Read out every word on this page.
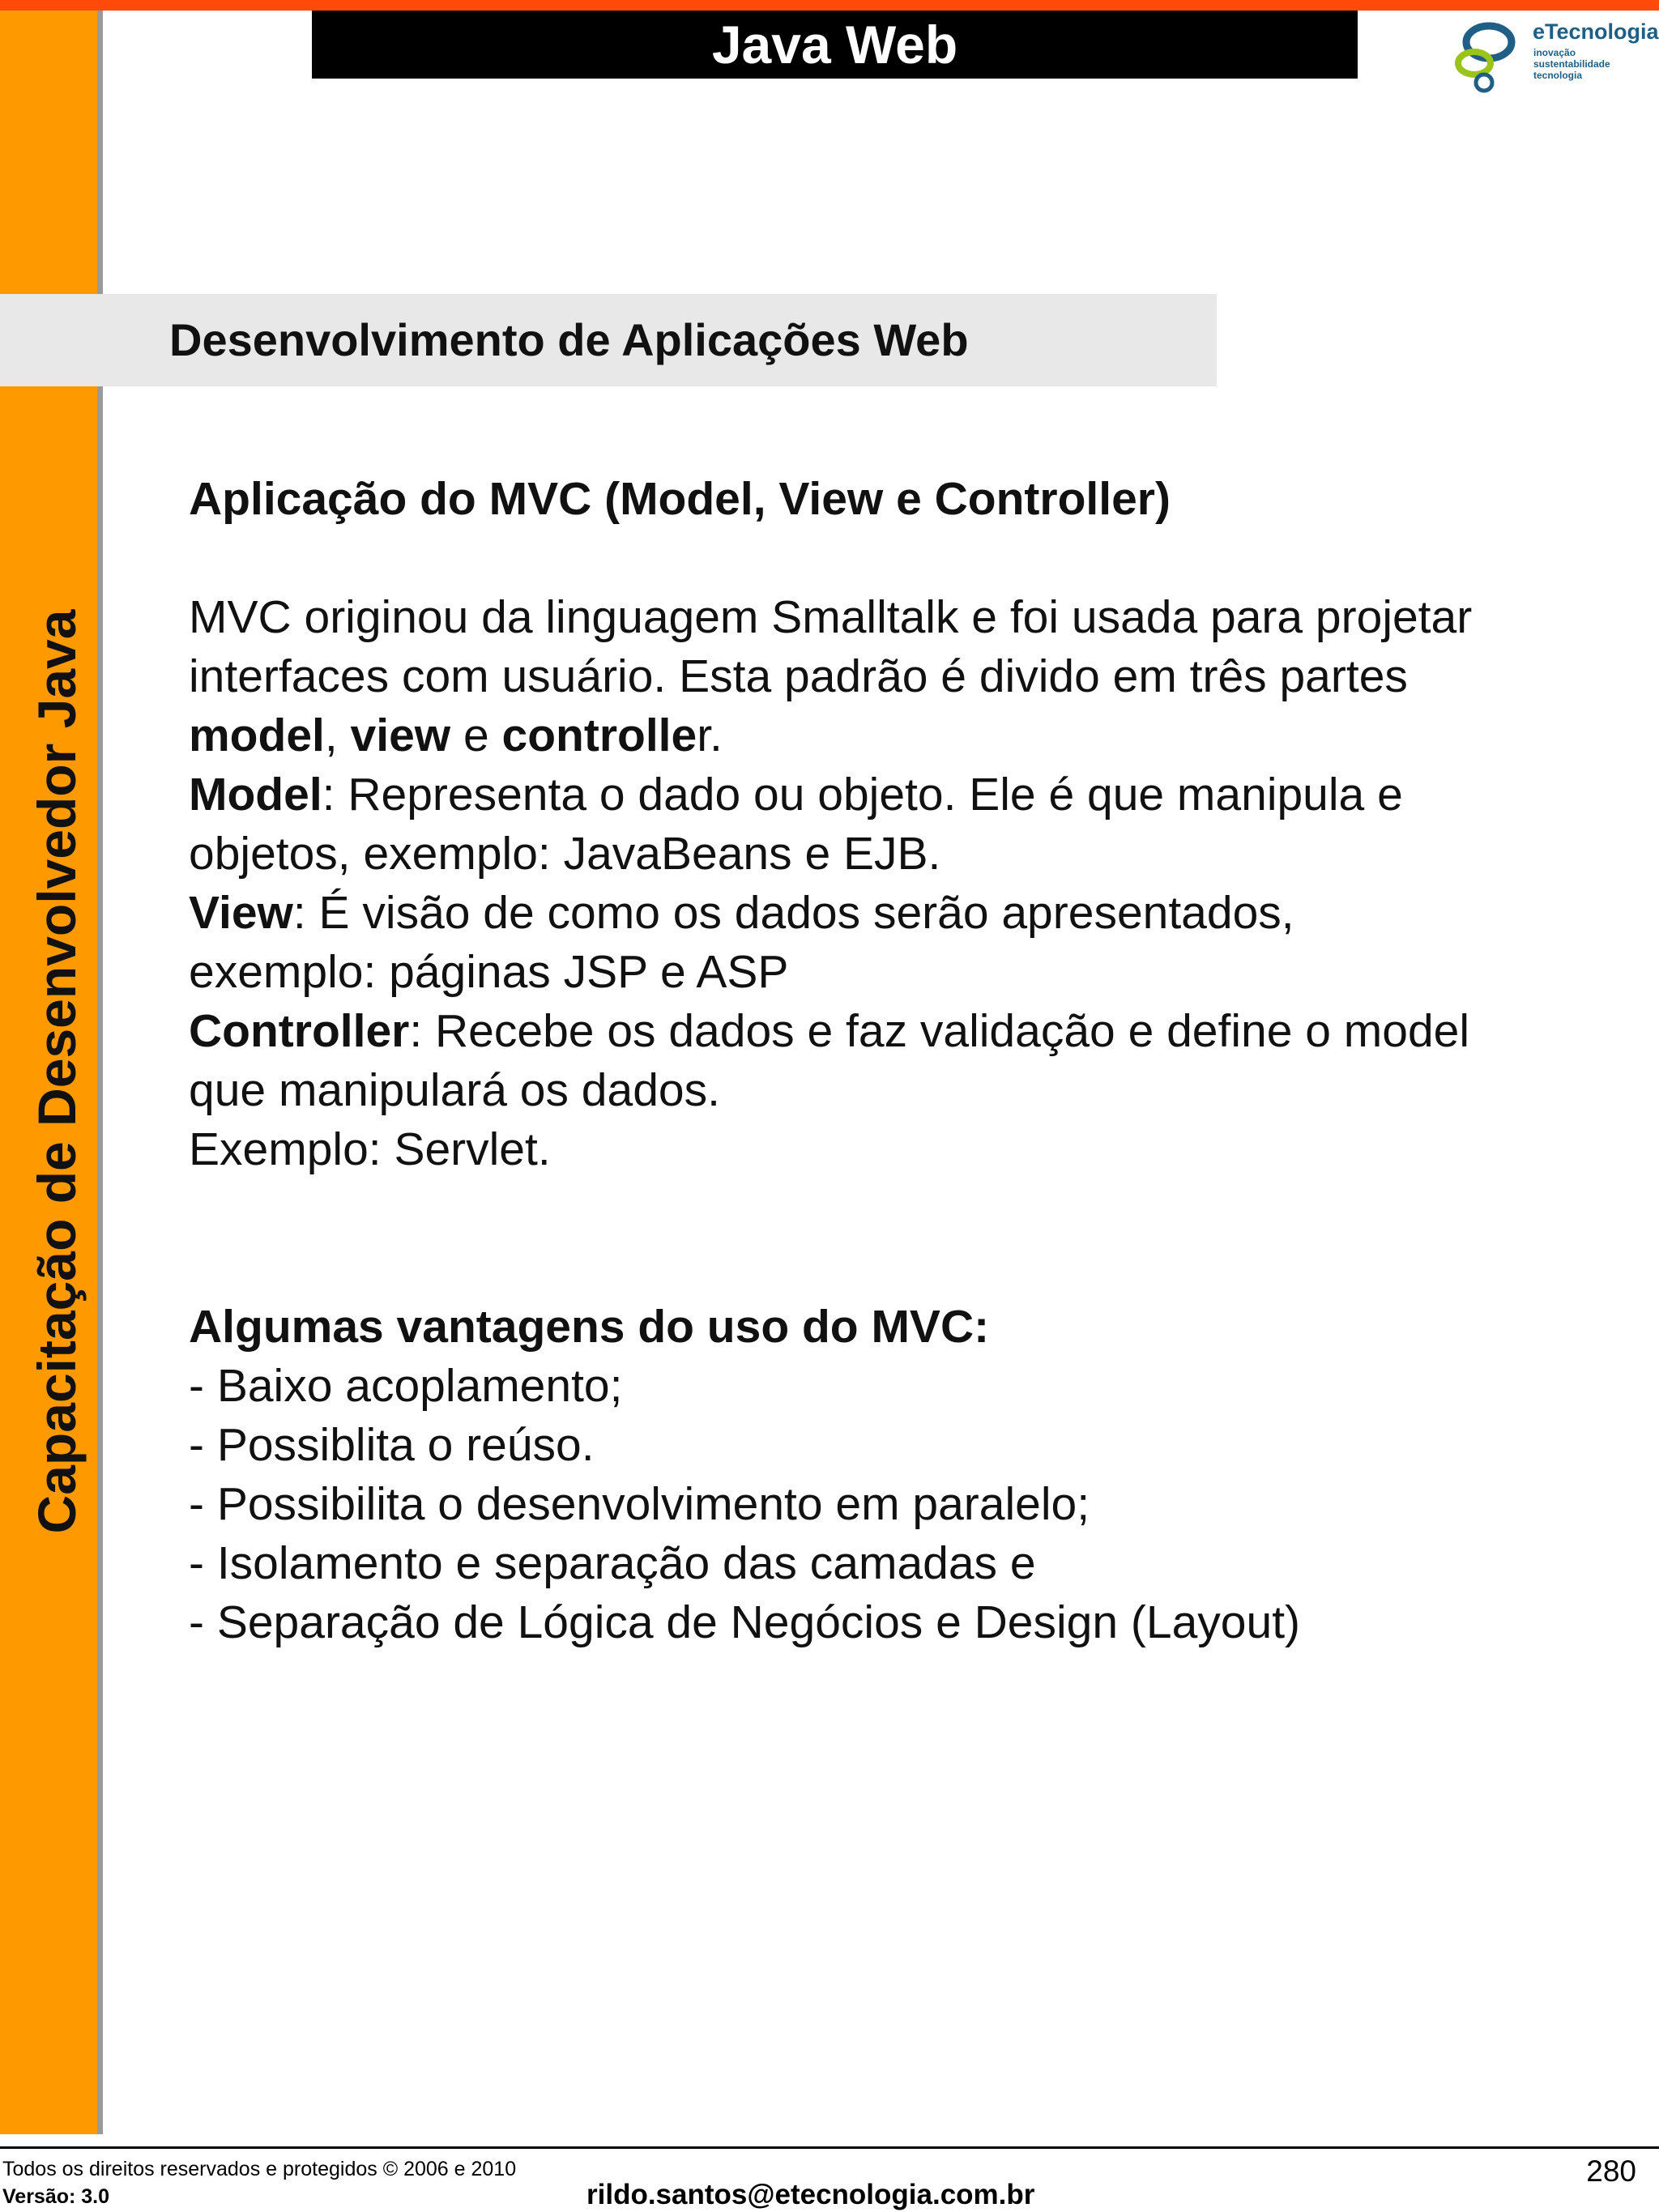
Capacitação de Desenvolvedor Java
Java Web	eTecnologia
inovação
sustentabilidade
tecnologia
Desenvolvimento de Aplicações Web

Aplicação do MVC (Model, View e Controller)

MVC originou da linguagem Smalltalk e foi usada para projetar

interfaces com usuário. Esta padrão é divido em três partes

model, view e controller.

Model: Representa o dado ou objeto. Ele é que manipula e

objetos, exemplo: JavaBeans e EJB.

View: É visão de como os dados serão apresentados,

exemplo: páginas JSP e ASP

Controller: Recebe os dados e faz validação e define o model

que manipulará os dados.

Exemplo: Servlet.

Algumas vantagens do uso do MVC:

- Baixo acoplamento;

- Possiblita o reúso.

- Possibilita o desenvolvimento em paralelo;

- Isolamento e separação das camadas e

- Separação de Lógica de Negócios e Design (Layout)

Todos os direitos reservados e protegidos © 2006 e 2010
Versão: 3.0	rildo.santos@etecnologia.com.br
280
